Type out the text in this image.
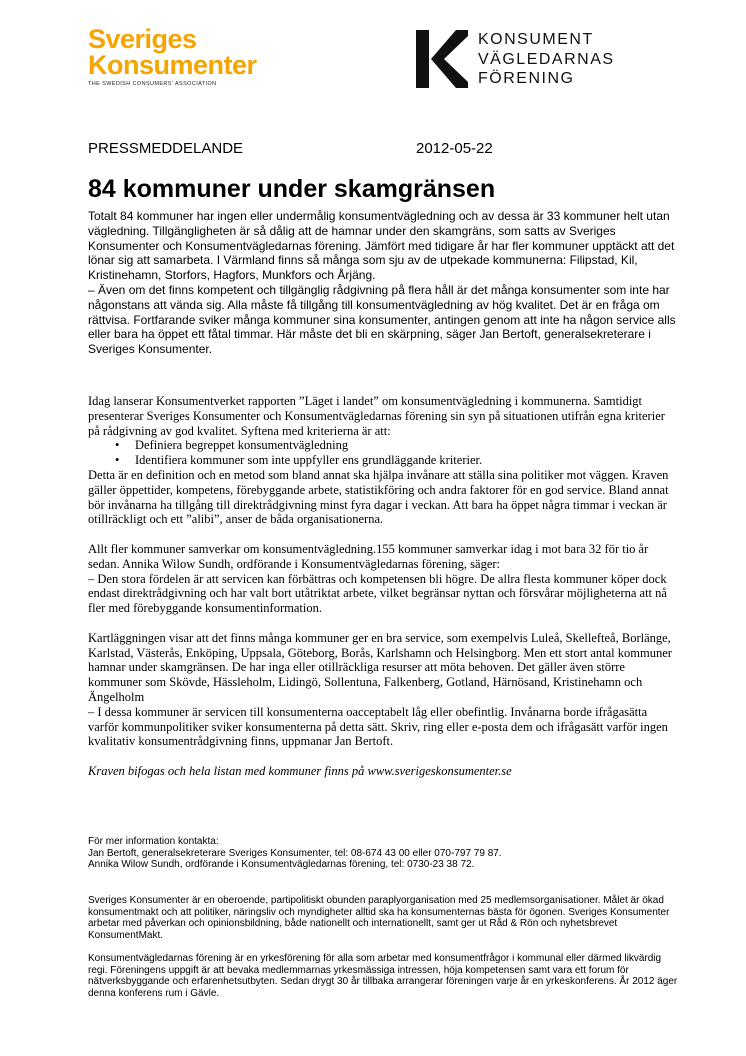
Sveriges
Konsumenter
THE SWEDISH CONSUMERS' ASSOCIATION
KONSUMENT
VÄGLEDARNAS
FÖRENING
PRESSMEDDELANDE	2012-05-22
84 kommuner under skamgränsen

Totalt 84 kommuner har ingen eller undermålig konsumentvägledning och av dessa är 33 kommuner helt utan vägledning. Tillgängligheten är så dålig att de hamnar under den skamgräns, som satts av Sveriges Konsumenter och Konsumentvägledarnas förening. Jämfört med tidigare år har fler kommuner upptäckt att det lönar sig att samarbeta. I Värmland finns så många som sju av de utpekade kommunerna: Filipstad, Kil, Kristinehamn, Storfors, Hagfors, Munkfors och Årjäng.

– Även om det finns kompetent och tillgänglig rådgivning på flera håll är det många konsumenter som inte har någonstans att vända sig. Alla måste få tillgång till konsumentvägledning av hög kvalitet. Det är en fråga om rättvisa. Fortfarande sviker många kommuner sina konsumenter, antingen genom att inte ha någon service alls eller bara ha öppet ett fåtal timmar. Här måste det bli en skärpning, säger Jan Bertoft, generalsekreterare i Sveriges Konsumenter.

Idag lanserar Konsumentverket rapporten ”Läget i landet” om konsumentvägledning i kommunerna. Samtidigt presenterar Sveriges Konsumenter och Konsumentvägledarnas förening sin syn på situationen utifrån egna kriterier på rådgivning av god kvalitet. Syftena med kriterierna är att:

• Definiera begreppet konsumentvägledning
• Identifiera kommuner som inte uppfyller ens grundläggande kriterier.

Detta är en definition och en metod som bland annat ska hjälpa invånare att ställa sina politiker mot väggen. Kraven gäller öppettider, kompetens, förebyggande arbete, statistikföring och andra faktorer för en god service. Bland annat bör invånarna ha tillgång till direktrådgivning minst fyra dagar i veckan. Att bara ha öppet några timmar i veckan är otillräckligt och ett ”alibi”, anser de båda organisationerna.

Allt fler kommuner samverkar om konsumentvägledning.155 kommuner samverkar idag i mot bara 32 för tio år sedan. Annika Wilow Sundh, ordförande i Konsumentvägledarnas förening, säger:

– Den stora fördelen är att servicen kan förbättras och kompetensen bli högre. De allra flesta kommuner köper dock endast direktrådgivning och har valt bort utåtriktat arbete, vilket begränsar nyttan och försvårar möjligheterna att nå fler med förebyggande konsumentinformation.

Kartläggningen visar att det finns många kommuner ger en bra service, som exempelvis Luleå, Skellefteå, Borlänge, Karlstad, Västerås, Enköping, Uppsala, Göteborg, Borås, Karlshamn och Helsingborg. Men ett stort antal kommuner hamnar under skamgränsen. De har inga eller otillräckliga resurser att möta behoven. Det gäller även större kommuner som Skövde, Hässleholm, Lidingö, Sollentuna, Falkenberg, Gotland, Härnösand, Kristinehamn och Ängelholm

– I dessa kommuner är servicen till konsumenterna oacceptabelt låg eller obefintlig. Invånarna borde ifrågasätta varför kommunpolitiker sviker konsumenterna på detta sätt. Skriv, ring eller e-posta dem och ifrågasätt varför ingen kvalitativ konsumentrådgivning finns, uppmanar Jan Bertoft.

Kraven bifogas och hela listan med kommuner finns på www.sverigeskonsumenter.se

För mer information kontakta:

Jan Bertoft, generalsekreterare Sveriges Konsumenter, tel: 08-674 43 00 eller 070-797 79 87.

Annika Wilow Sundh, ordförande i Konsumentvägledarnas förening, tel: 0730-23 38 72.

Sveriges Konsumenter är en oberoende, partipolitiskt obunden paraplyorganisation med 25 medlemsorganisationer. Målet är ökad konsumentmakt och att politiker, näringsliv och myndigheter alltid ska ha konsumenternas bästa för ögonen. Sveriges Konsumenter arbetar med påverkan och opinionsbildning, både nationellt och internationellt, samt ger ut Råd & Rön och nyhetsbrevet KonsumentMakt.

Konsumentvägledarnas förening är en yrkesförening för alla som arbetar med konsumentfrågor i kommunal eller därmed likvärdig regi. Föreningens uppgift är att bevaka medlemmarnas yrkesmässiga intressen, höja kompetensen samt vara ett forum för nätverksbyggande och erfarenhetsutbyten. Sedan drygt 30 år tillbaka arrangerar föreningen varje år en yrkeskonferens. År 2012 äger denna konferens rum i Gävle.
